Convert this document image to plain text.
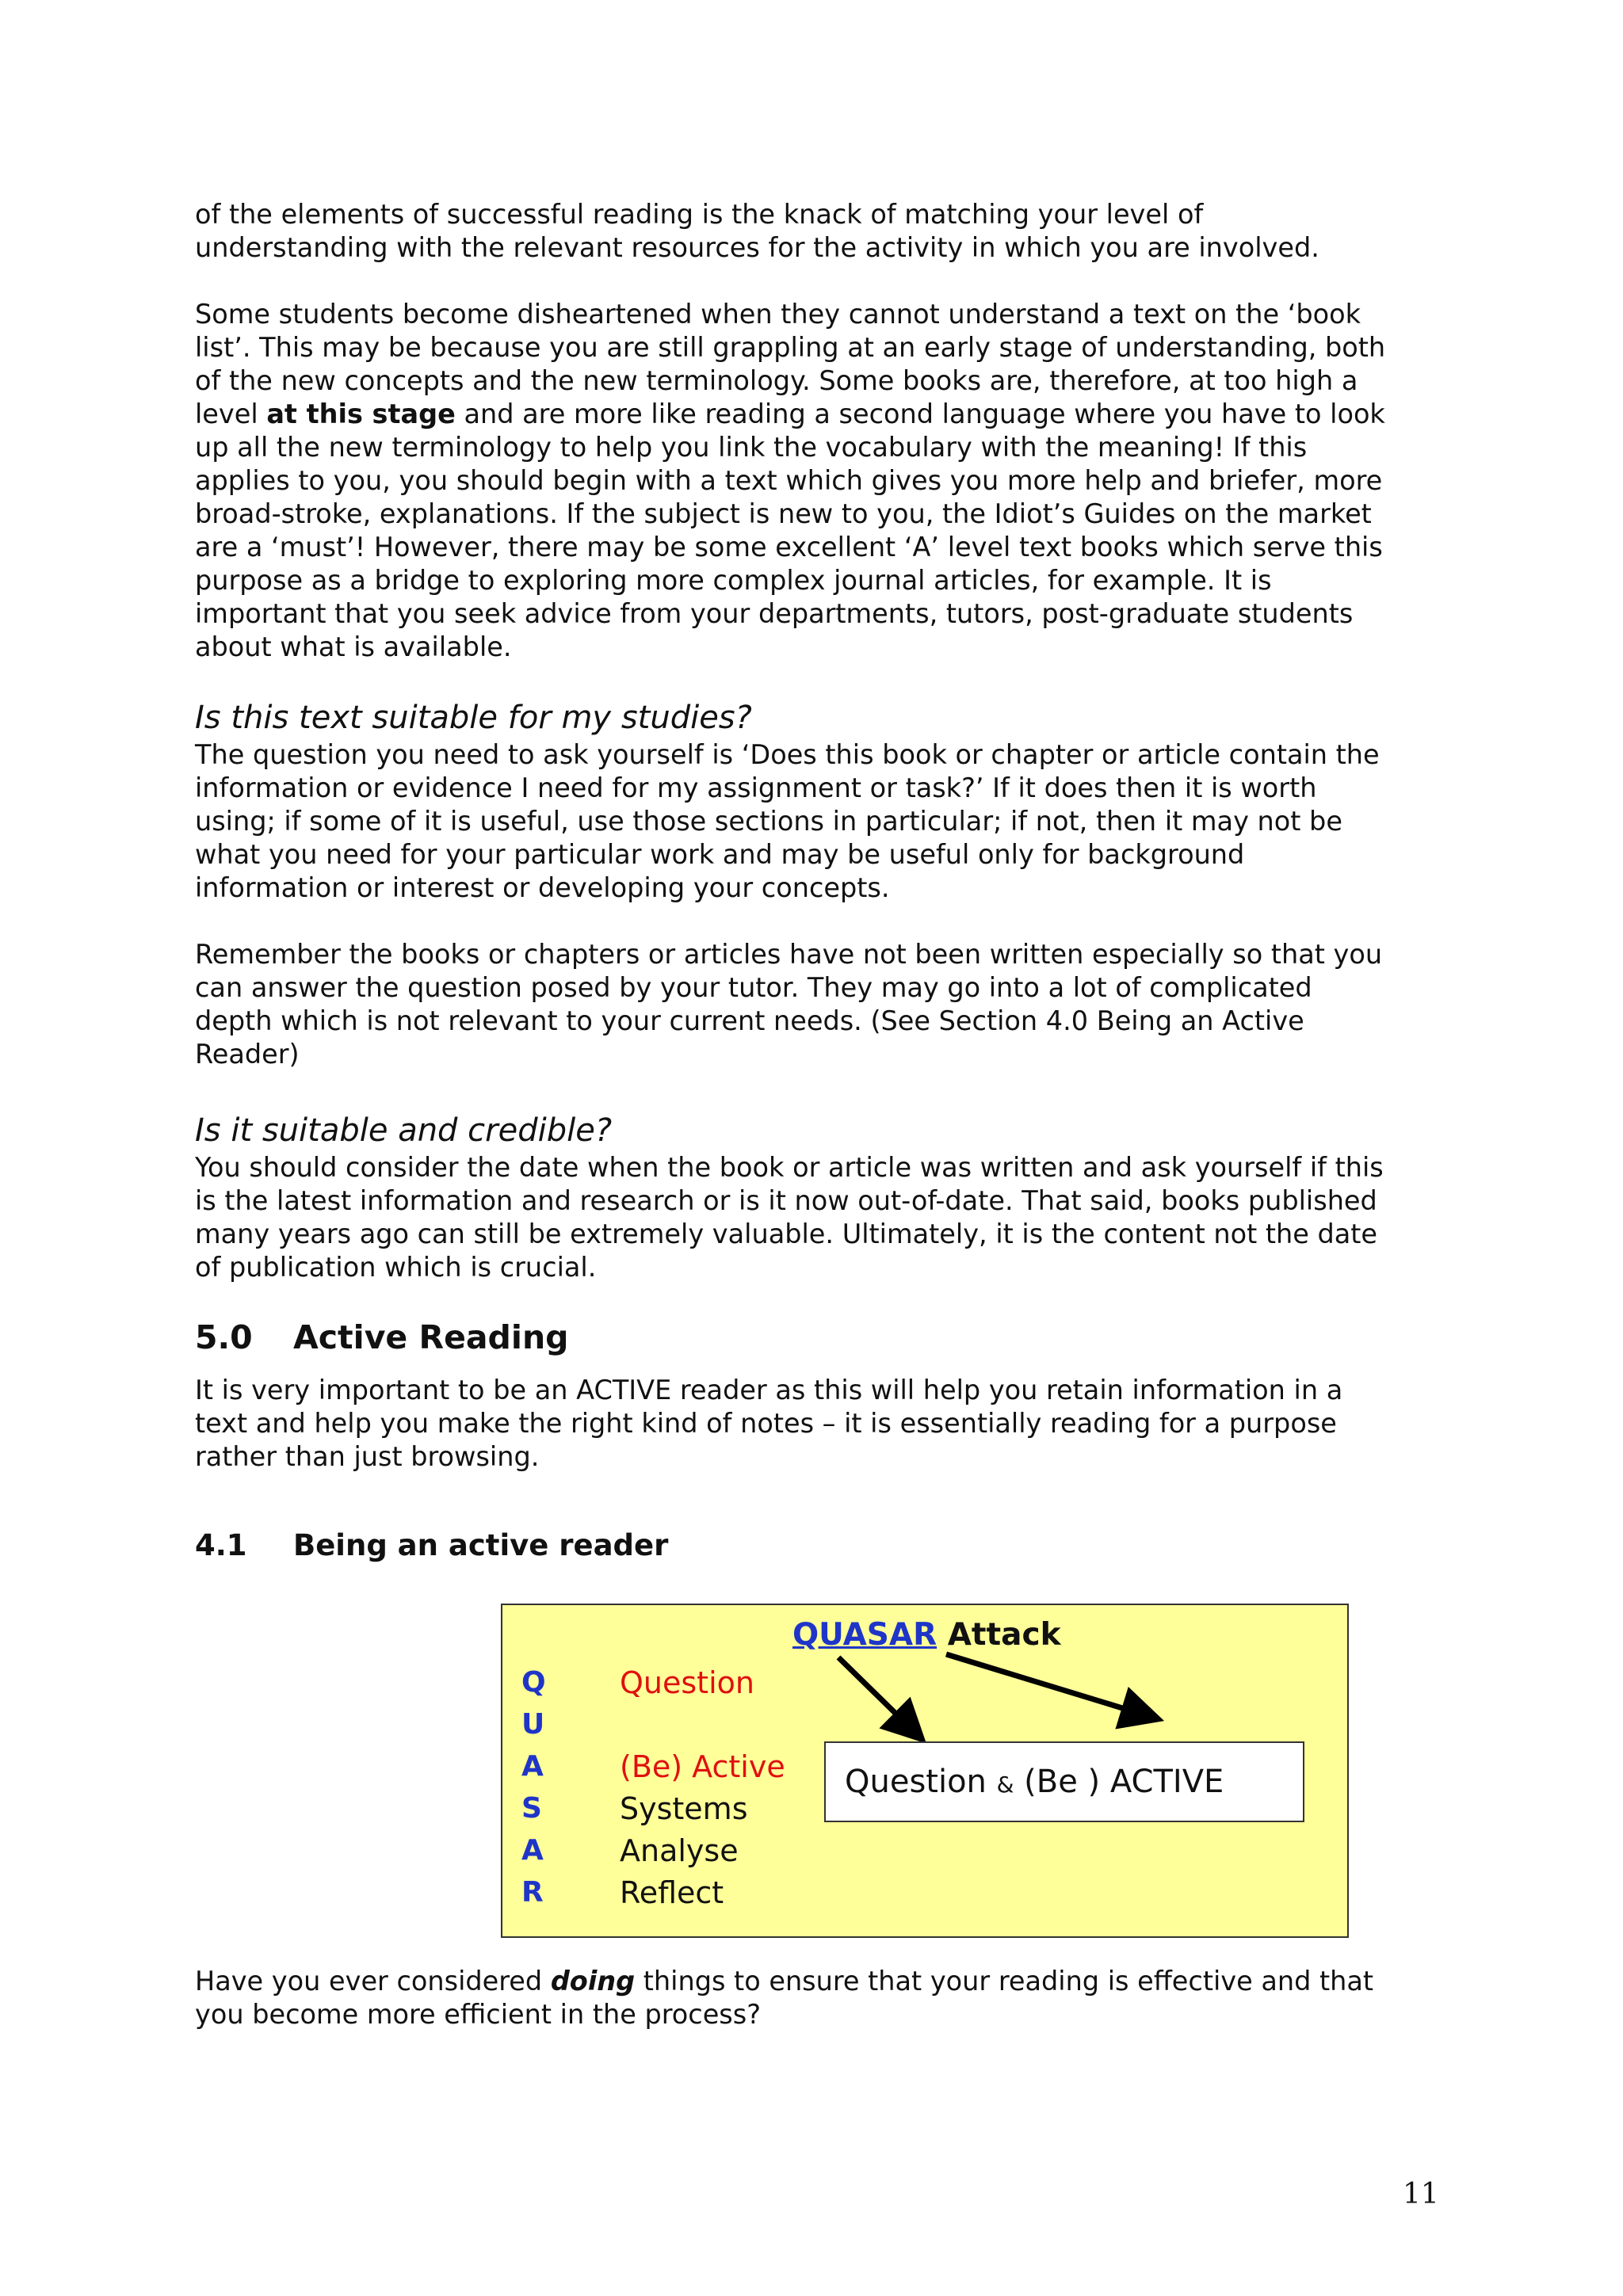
of the elements of successful reading is the knack of matching your level of
understanding with the relevant resources for the activity in which you are involved.
Some students become disheartened when they cannot understand a text on the ‘book
list’. This may be because you are still grappling at an early stage of understanding, both
of the new concepts and the new terminology. Some books are, therefore, at too high a
level at this stage and are more like reading a second language where you have to look
up all the new terminology to help you link the vocabulary with the meaning! If this
applies to you, you should begin with a text which gives you more help and briefer, more
broad-stroke, explanations. If the subject is new to you, the Idiot’s Guides on the market
are a ‘must’! However, there may be some excellent ‘A’ level text books which serve this
purpose as a bridge to exploring more complex journal articles, for example. It is
important that you seek advice from your departments, tutors, post-graduate students
about what is available.
Is this text suitable for my studies?
The question you need to ask yourself is ‘Does this book or chapter or article contain the
information or evidence I need for my assignment or task?’ If it does then it is worth
using; if some of it is useful, use those sections in particular; if not, then it may not be
what you need for your particular work and may be useful only for background
information or interest or developing your concepts.
Remember the books or chapters or articles have not been written especially so that you
can answer the question posed by your tutor. They may go into a lot of complicated
depth which is not relevant to your current needs. (See Section 4.0 Being an Active
Reader)
Is it suitable and credible?
You should consider the date when the book or article was written and ask yourself if this
is the latest information and research or is it now out-of-date. That said, books published
many years ago can still be extremely valuable. Ultimately, it is the content not the date
of publication which is crucial.
5.0 Active Reading
It is very important to be an ACTIVE reader as this will help you retain information in a
text and help you make the right kind of notes – it is essentially reading for a purpose
rather than just browsing.
4.1 Being an active reader
QUASAR Attack
Q
U
A
S
A
R
Question
(Be) Active
Systems
Analyse
Reflect
Question & (Be ) ACTIVE
Have you ever considered doing things to ensure that your reading is effective and that
you become more efficient in the process?
11
